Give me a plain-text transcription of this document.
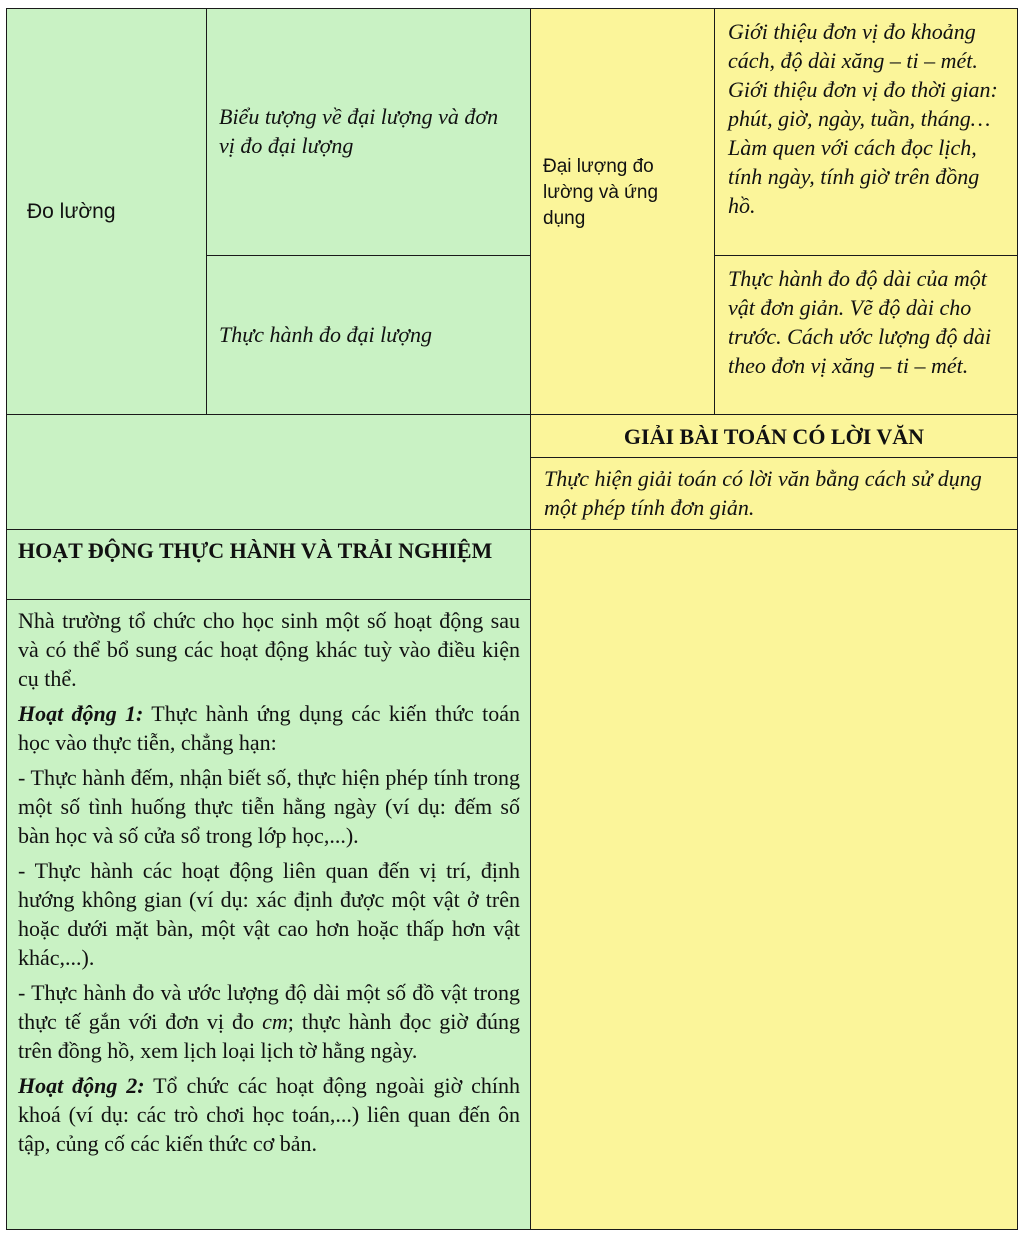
Đo lường
Biểu tượng về đại lượng và đơn vị đo đại lượng
Thực hành đo đại lượng
Đại lượng đo lường và ứng dụng
Giới thiệu đơn vị đo khoảng cách, độ dài xăng – ti – mét. Giới thiệu đơn vị đo thời gian: phút, giờ, ngày, tuần, tháng…Làm quen với cách đọc lịch, tính ngày, tính giờ trên đồng hồ.
Thực hành đo độ dài của một vật đơn giản. Vẽ độ dài cho trước. Cách ước lượng độ dài theo đơn vị xăng – ti – mét.
GIẢI BÀI TOÁN CÓ LỜI VĂN
Thực hiện giải toán có lời văn bằng cách sử dụng một phép tính đơn giản.
HOẠT ĐỘNG THỰC HÀNH VÀ TRẢI NGHIỆM

Nhà trường tổ chức cho học sinh một số hoạt động sau và có thể bổ sung các hoạt động khác tuỳ vào điều kiện cụ thể.

Hoạt động 1: Thực hành ứng dụng các kiến thức toán học vào thực tiễn, chẳng hạn:

- Thực hành đếm, nhận biết số, thực hiện phép tính trong một số tình huống thực tiễn hằng ngày (ví dụ: đếm số bàn học và số cửa sổ trong lớp học,...).

- Thực hành các hoạt động liên quan đến vị trí, định hướng không gian (ví dụ: xác định được một vật ở trên hoặc dưới mặt bàn, một vật cao hơn hoặc thấp hơn vật khác,...).

- Thực hành đo và ước lượng độ dài một số đồ vật trong thực tế gắn với đơn vị đo cm; thực hành đọc giờ đúng trên đồng hồ, xem lịch loại lịch tờ hằng ngày.

Hoạt động 2: Tổ chức các hoạt động ngoài giờ chính khoá (ví dụ: các trò chơi học toán,...) liên quan đến ôn tập, củng cố các kiến thức cơ bản.
